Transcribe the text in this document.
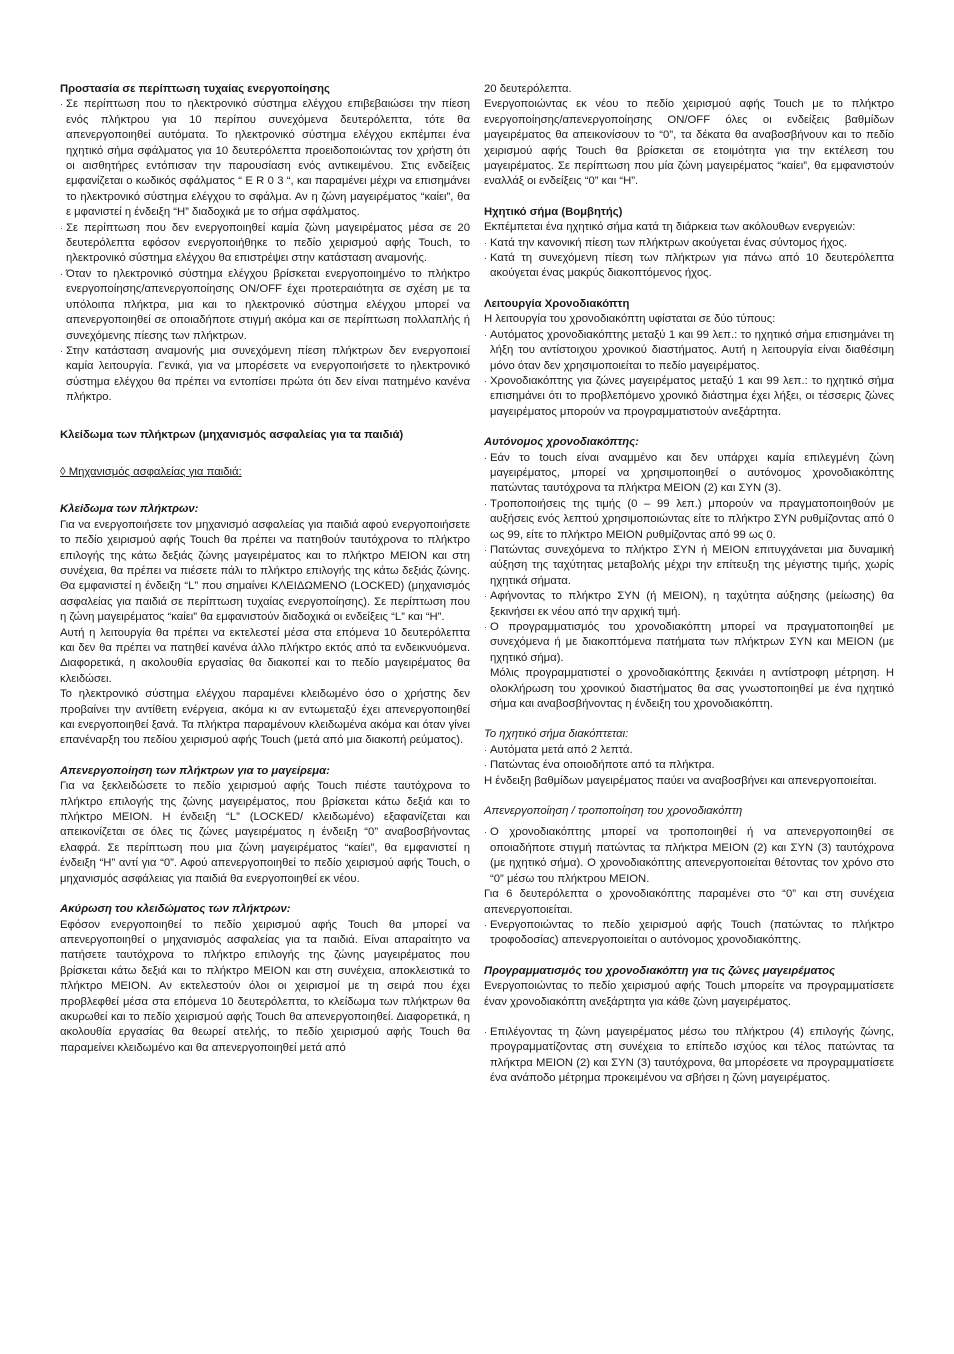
Προστασία σε περίπτωση τυχαίας ενεργοποίησης

· Σε περίπτωση που το ηλεκτρονικό σύστημα ελέγχου επιβεβαιώσει την πίεση ενός πλήκτρου για 10 περίπου συνεχόμενα δευτερόλεπτα, τότε θα απενεργοποιηθεί αυτόματα. Το ηλεκτρονικό σύστημα ελέγχου εκπέμπει ένα ηχητικό σήμα σφάλματος για 10 δευτερόλεπτα προειδοποιώντας τον χρήστη ότι οι αισθητήρες εντόπισαν την παρουσίαση ενός αντικειμένου. Στις ενδείξεις εμφανίζεται ο κωδικός σφάλματος “ E R 0 3 “, και παραμένει μέχρι να επισημάνει το ηλεκτρονικό σύστημα ελέγχου το σφάλμα. Αν η ζώνη μαγειρέματος “καίει”, θα ε μφανιστεί η ένδειξη “H” διαδοχικά με το σήμα σφάλματος.

· Σε περίπτωση που δεν ενεργοποιηθεί καμία ζώνη μαγειρέματος μέσα σε 20 δευτερόλεπτα εφόσον ενεργοποιήθηκε το πεδίο χειρισμού αφής Touch, το ηλεκτρονικό σύστημα ελέγχου θα επιστρέψει στην κατάσταση αναμονής.

· Όταν το ηλεκτρονικό σύστημα ελέγχου βρίσκεται ενεργοποιημένο το πλήκτρο ενεργοποίησης/απενεργοποίησης ON/OFF έχει προτεραιότητα σε σχέση με τα υπόλοιπα πλήκτρα, μια και το ηλεκτρονικό σύστημα ελέγχου μπορεί να απενεργοποιηθεί σε οποιαδήποτε στιγμή ακόμα και σε περίπτωση πολλαπλής ή συνεχόμενης πίεσης των πλήκτρων.

· Στην κατάσταση αναμονής μια συνεχόμενη πίεση πλήκτρων δεν ενεργοποιεί καμία λειτουργία. Γενικά, για να μπορέσετε να ενεργοποιήσετε το ηλεκτρονικό σύστημα ελέγχου θα πρέπει να εντοπίσει πρώτα ότι δεν είναι πατημένο κανένα πλήκτρο.

Κλείδωμα των πλήκτρων (μηχανισμός ασφαλείας για τα παιδιά)

◊ Μηχανισμός ασφαλείας για παιδιά:

Κλείδωμα των πλήκτρων:

Για να ενεργοποιήσετε τον μηχανισμό ασφαλείας για παιδιά αφού ενεργοποιήσετε το πεδίο χειρισμού αφής Touch θα πρέπει να πατηθούν ταυτόχρονα το πλήκτρο επιλογής της κάτω δεξιάς ζώνης μαγειρέματος και το πλήκτρο ΜΕΙΟΝ και στη συνέχεια, θα πρέπει να πιέσετε πάλι το πλήκτρο επιλογής της κάτω δεξιάς ζώνης. Θα εμφανιστεί η ένδειξη “L” που σημαίνει ΚΛΕΙΔΩΜΕΝΟ (LOCKED) (μηχανισμός ασφαλείας για παιδιά σε περίπτωση τυχαίας ενεργοποίησης). Σε περίπτωση που η ζώνη μαγειρέματος “καίει” θα εμφανιστούν διαδοχικά οι ενδείξεις “L” και “H”.

Αυτή η λειτουργία θα πρέπει να εκτελεστεί μέσα στα επόμενα 10 δευτερόλεπτα και δεν θα πρέπει να πατηθεί κανένα άλλο πλήκτρο εκτός από τα ενδεικνυόμενα. Διαφορετικά, η ακολουθία εργασίας θα διακοπεί και το πεδίο μαγειρέματος θα κλειδώσει.

Το ηλεκτρονικό σύστημα ελέγχου παραμένει κλειδωμένο όσο ο χρήστης δεν προβαίνει την αντίθετη ενέργεια, ακόμα κι αν εντωμεταξύ έχει απενεργοποιηθεί και ενεργοποιηθεί ξανά. Τα πλήκτρα παραμένουν κλειδωμένα ακόμα και όταν γίνει επανέναρξη του πεδίου χειρισμού αφής Touch (μετά από μια διακοπή ρεύματος).

Απενεργοποίηση των πλήκτρων για το μαγείρεμα:

Για να ξεκλειδώσετε το πεδίο χειρισμού αφής Touch πιέστε ταυτόχρονα το πλήκτρο επιλογής της ζώνης μαγειρέματος, που βρίσκεται κάτω δεξιά και το πλήκτρο ΜΕΙΟΝ. Η ένδειξη “L” (LOCKED/ κλειδωμένο) εξαφανίζεται και απεικονίζεται σε όλες τις ζώνες μαγειρέματος η ένδειξη “0” αναβοσβήνοντας ελαφρά. Σε περίπτωση που μια ζώνη μαγειρέματος “καίει”, θα εμφανιστεί η ένδειξη “H” αντί για “0”. Αφού απενεργοποιηθεί το πεδίο χειρισμού αφής Touch, ο μηχανισμός ασφάλειας για παιδιά θα ενεργοποιηθεί εκ νέου.

Ακύρωση του κλειδώματος των πλήκτρων:

Εφόσον ενεργοποιηθεί το πεδίο χειρισμού αφής Touch θα μπορεί να απενεργοποιηθεί ο μηχανισμός ασφαλείας για τα παιδιά. Είναι απαραίτητο να πατήσετε ταυτόχρονα το πλήκτρο επιλογής της ζώνης μαγειρέματος που βρίσκεται κάτω δεξιά και το πλήκτρο ΜΕΙΟΝ και στη συνέχεια, αποκλειστικά το πλήκτρο ΜΕΙΟΝ. Αν εκτελεστούν όλοι οι χειρισμοί με τη σειρά που έχει προβλεφθεί μέσα στα επόμενα 10 δευτερόλεπτα, το κλείδωμα των πλήκτρων θα ακυρωθεί και το πεδίο χειρισμού αφής Touch θα απενεργοποιηθεί. Διαφορετικά, η ακολουθία εργασίας θα θεωρεί ατελής, το πεδίο χειρισμού αφής Touch θα παραμείνει κλειδωμένο και θα απενεργοποιηθεί μετά από

20 δευτερόλεπτα.

Ενεργοποιώντας εκ νέου το πεδίο χειρισμού αφής Touch με το πλήκτρο ενεργοποίησης/απενεργοποίησης ON/OFF όλες οι ενδείξεις βαθμίδων μαγειρέματος θα απεικονίσουν το “0”, τα δέκατα θα αναβοσβήνουν και το πεδίο χειρισμού αφής Touch θα βρίσκεται σε ετοιμότητα για την εκτέλεση του μαγειρέματος. Σε περίπτωση που μία ζώνη μαγειρέματος “καίει”, θα εμφανιστούν εναλλάξ οι ενδείξεις “0” και “H”.

Ηχητικό σήμα (Βομβητής)

Εκπέμπεται ένα ηχητικό σήμα κατά τη διάρκεια των ακόλουθων ενεργειών:

· Κατά την κανονική πίεση των πλήκτρων ακούγεται ένας σύντομος ήχος.

· Κατά τη συνεχόμενη πίεση των πλήκτρων για πάνω από 10 δευτερόλεπτα ακούγεται ένας μακρύς διακοπτόμενος ήχος.

Λειτουργία Χρονοδιακόπτη

Η λειτουργία του χρονοδιακόπτη υφίσταται σε δύο τύπους:

· Αυτόματος χρονοδιακόπτης μεταξύ 1 και 99 λεπ.: το ηχητικό σήμα επισημάνει τη λήξη του αντίστοιχου χρονικού διαστήματος. Αυτή η λειτουργία είναι διαθέσιμη μόνο όταν δεν χρησιμοποιείται το πεδίο μαγειρέματος.

· Χρονοδιακόπτης για ζώνες μαγειρέματος μεταξύ 1 και 99 λεπ.: το ηχητικό σήμα επισημάνει ότι το προβλεπόμενο χρονικό διάστημα έχει λήξει, οι τέσσερις ζώνες μαγειρέματος μπορούν να προγραμματιστούν ανεξάρτητα.

Αυτόνομος χρονοδιακόπτης:

· Εάν το touch είναι αναμμένο και δεν υπάρχει καμία επιλεγμένη ζώνη μαγειρέματος, μπορεί να χρησιμοποιηθεί ο αυτόνομος χρονοδιακόπτης πατώντας ταυτόχρονα τα πλήκτρα ΜΕΙΟΝ (2) και ΣΥΝ (3).

· Τροποποιήσεις της τιμής (0 – 99 λεπ.) μπορούν να πραγματοποιηθούν με αυξήσεις ενός λεπτού χρησιμοποιώντας είτε το πλήκτρο ΣΥΝ ρυθμίζοντας από 0 ως 99, είτε το πλήκτρο ΜΕΙΟΝ ρυθμίζοντας από 99 ως 0.

· Πατώντας συνεχόμενα το πλήκτρο ΣΥΝ ή ΜΕΙΟΝ επιτυγχάνεται μια δυναμική αύξηση της ταχύτητας μεταβολής μέχρι την επίτευξη της μέγιστης τιμής, χωρίς ηχητικά σήματα.

· Αφήνοντας το πλήκτρο ΣΥΝ (ή ΜΕΙΟΝ), η ταχύτητα αύξησης (μείωσης) θα ξεκινήσει εκ νέου από την αρχική τιμή.

· Ο προγραμματισμός του χρονοδιακόπτη μπορεί να πραγματοποιηθεί με συνεχόμενα ή με διακοπτόμενα πατήματα των πλήκτρων ΣΥΝ και ΜΕΙΟΝ (με ηχητικό σήμα).

Μόλις προγραμματιστεί ο χρονοδιακόπτης ξεκινάει η αντίστροφη μέτρηση. Η ολοκλήρωση του χρονικού διαστήματος θα σας γνωστοποιηθεί με ένα ηχητικό σήμα και αναβοσβήνοντας η ένδειξη του χρονοδιακόπτη.

Το ηχητικό σήμα διακόπτεται:

· Αυτόματα μετά από 2 λεπτά.

· Πατώντας ένα οποιοδήποτε από τα πλήκτρα.

Η ένδειξη βαθμίδων μαγειρέματος παύει να αναβοσβήνει και απενεργοποιείται.

Απενεργοποίηση / τροποποίηση του χρονοδιακόπτη

· Ο χρονοδιακόπτης μπορεί να τροποποιηθεί ή να απενεργοποιηθεί σε οποιαδήποτε στιγμή πατώντας τα πλήκτρα ΜΕΙΟΝ (2) και ΣΥΝ (3) ταυτόχρονα (με ηχητικό σήμα). Ο χρονοδιακόπτης απενεργοποιείται θέτοντας τον χρόνο στο “0” μέσω του πλήκτρου ΜΕΙΟΝ.

Για 6 δευτερόλεπτα ο χρονοδιακόπτης παραμένει στο “0” και στη συνέχεια απενεργοποιείται.

· Ενεργοποιώντας το πεδίο χειρισμού αφής Touch (πατώντας το πλήκτρο τροφοδοσίας) απενεργοποιείται ο αυτόνομος χρονοδιακόπτης.

Προγραμματισμός του χρονοδιακόπτη για τις ζώνες μαγειρέματος

Ενεργοποιώντας το πεδίο χειρισμού αφής Touch μπορείτε να προγραμματίσετε έναν χρονοδιακόπτη ανεξάρτητα για κάθε ζώνη μαγειρέματος.

· Επιλέγοντας τη ζώνη μαγειρέματος μέσω του πλήκτρου (4) επιλογής ζώνης, προγραμματίζοντας στη συνέχεια το επίπεδο ισχύος και τέλος πατώντας τα πλήκτρα ΜΕΙΟΝ (2) και ΣΥΝ (3) ταυτόχρονα, θα μπορέσετε να προγραμματίσετε ένα ανάποδο μέτρημα προκειμένου να σβήσει η ζώνη μαγειρέματος.
